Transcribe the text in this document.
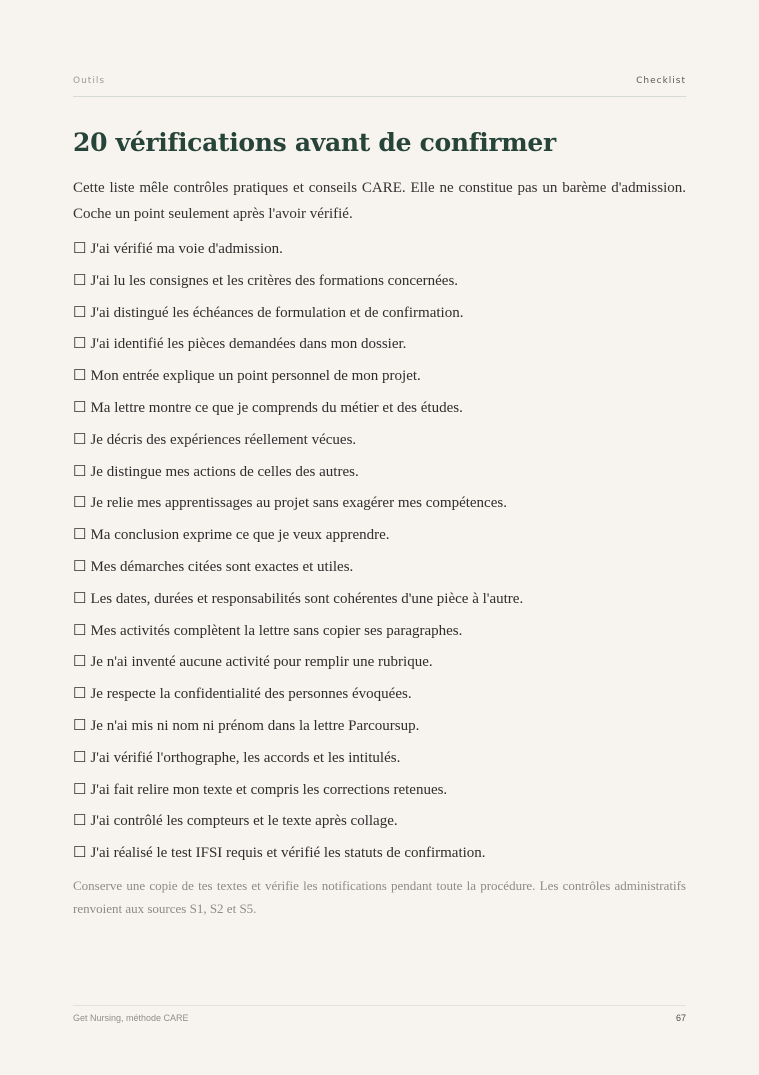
Outils	Checklist
20 vérifications avant de confirmer

Cette liste mêle contrôles pratiques et conseils CARE. Elle ne constitue pas un barème d'admission. Coche un point seulement après l'avoir vérifié.

☐ J'ai vérifié ma voie d'admission.
☐ J'ai lu les consignes et les critères des formations concernées.
☐ J'ai distingué les échéances de formulation et de confirmation.
☐ J'ai identifié les pièces demandées dans mon dossier.
☐ Mon entrée explique un point personnel de mon projet.
☐ Ma lettre montre ce que je comprends du métier et des études.
☐ Je décris des expériences réellement vécues.
☐ Je distingue mes actions de celles des autres.
☐ Je relie mes apprentissages au projet sans exagérer mes compétences.
☐ Ma conclusion exprime ce que je veux apprendre.
☐ Mes démarches citées sont exactes et utiles.
☐ Les dates, durées et responsabilités sont cohérentes d'une pièce à l'autre.
☐ Mes activités complètent la lettre sans copier ses paragraphes.
☐ Je n'ai inventé aucune activité pour remplir une rubrique.
☐ Je respecte la confidentialité des personnes évoquées.
☐ Je n'ai mis ni nom ni prénom dans la lettre Parcoursup.
☐ J'ai vérifié l'orthographe, les accords et les intitulés.
☐ J'ai fait relire mon texte et compris les corrections retenues.
☐ J'ai contrôlé les compteurs et le texte après collage.
☐ J'ai réalisé le test IFSI requis et vérifié les statuts de confirmation.

Conserve une copie de tes textes et vérifie les notifications pendant toute la procédure. Les contrôles administratifs renvoient aux sources S1, S2 et S5.

Get Nursing, méthode CARE	67
